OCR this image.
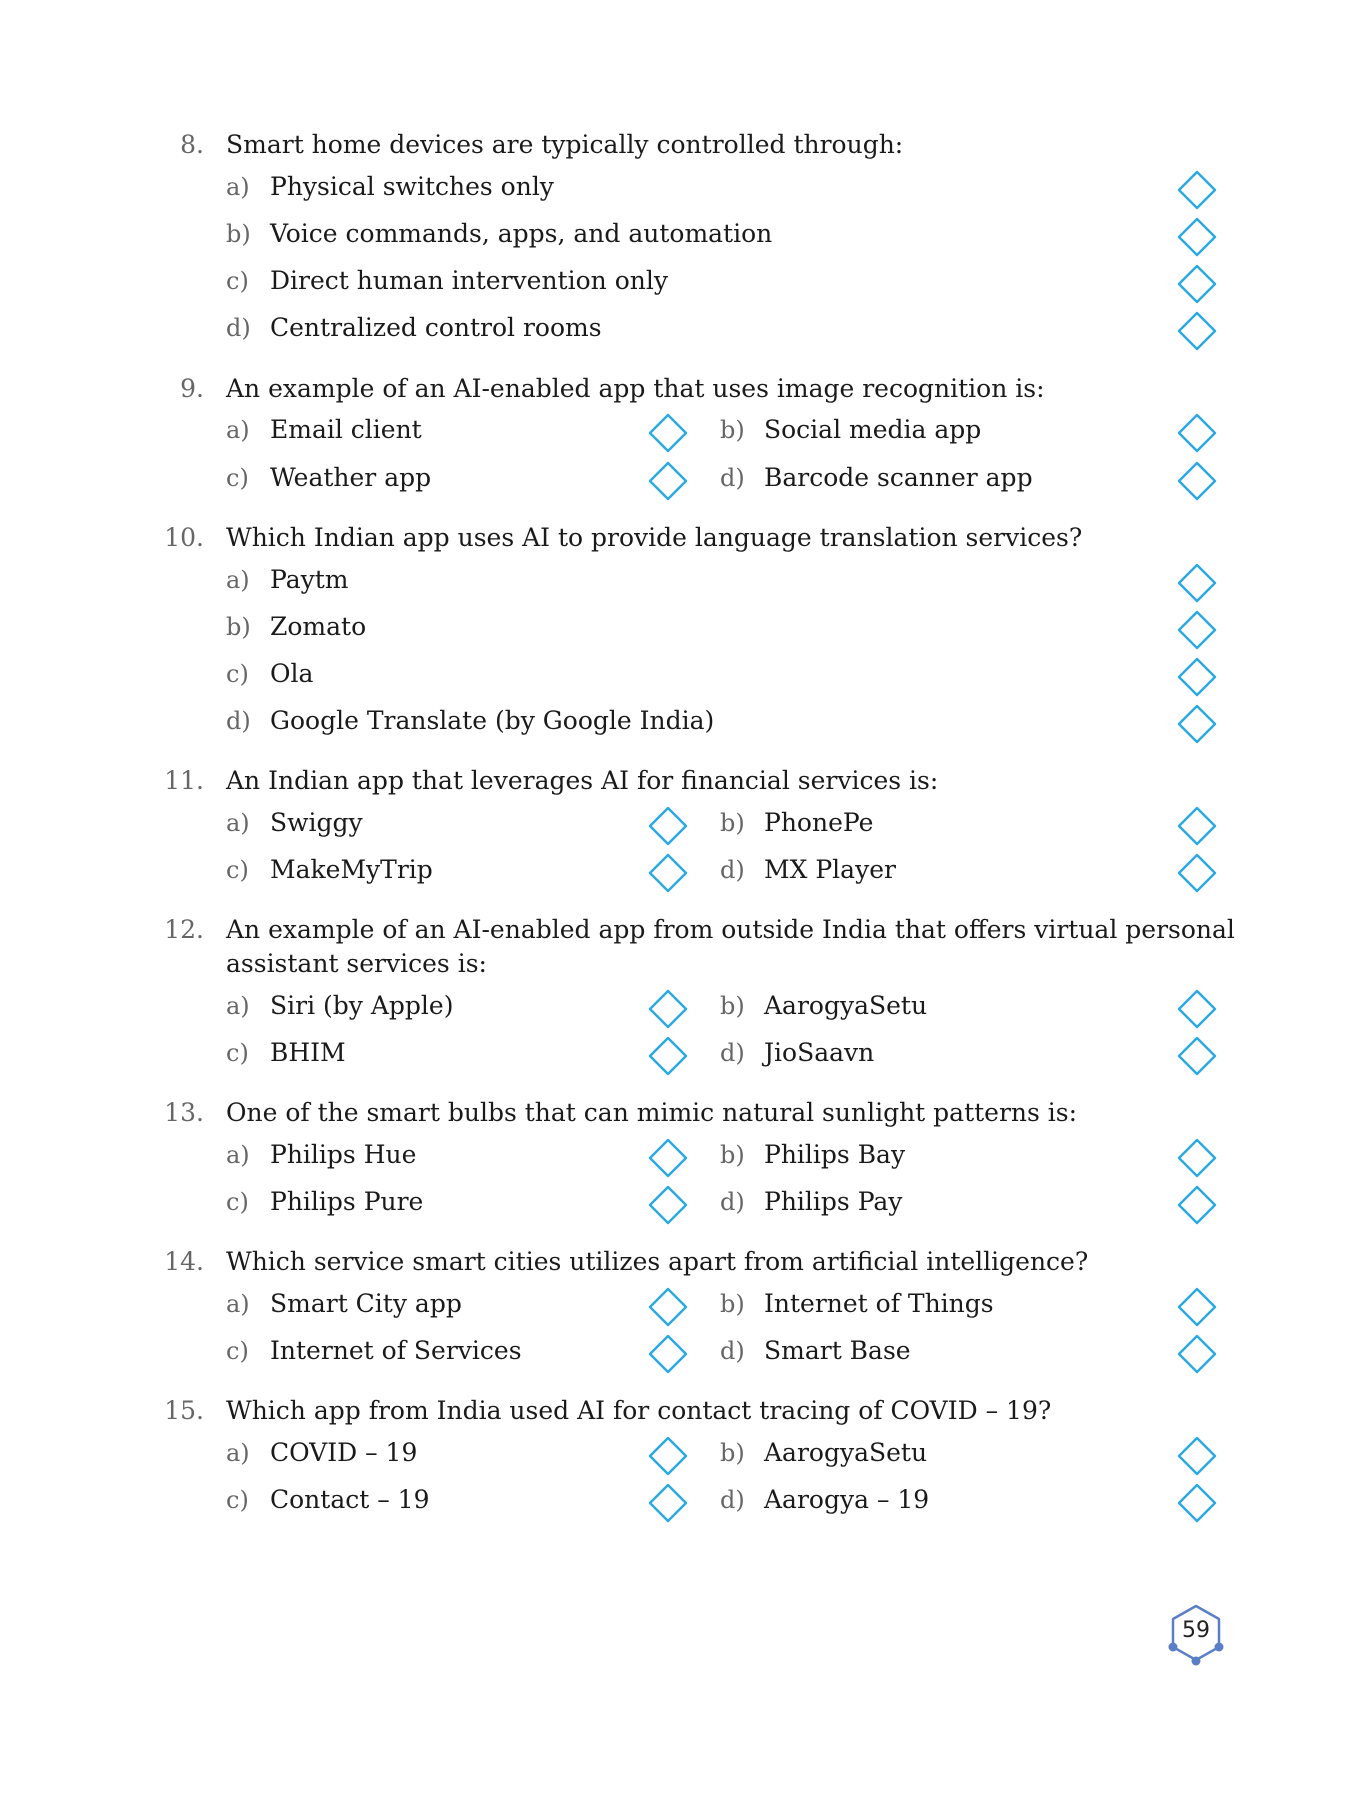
8. Smart home devices are typically controlled through:
a) Physical switches only
b) Voice commands, apps, and automation
c) Direct human intervention only
d) Centralized control rooms
9. An example of an AI-enabled app that uses image recognition is:
a) Email client	b) Social media app
c) Weather app	d) Barcode scanner app
10. Which Indian app uses AI to provide language translation services?
a) Paytm
b) Zomato
c) Ola
d) Google Translate (by Google India)
11. An Indian app that leverages AI for financial services is:
a) Swiggy	b) PhonePe
c) MakeMyTrip	d) MX Player
12. An example of an AI-enabled app from outside India that offers virtual personal
assistant services is:
a) Siri (by Apple)	b) AarogyaSetu
c) BHIM	d) JioSaavn
13. One of the smart bulbs that can mimic natural sunlight patterns is:
a) Philips Hue	b) Philips Bay
c) Philips Pure	d) Philips Pay
14. Which service smart cities utilizes apart from artificial intelligence?
a) Smart City app	b) Internet of Things
c) Internet of Services	d) Smart Base
15. Which app from India used AI for contact tracing of COVID – 19?
a) COVID – 19	b) AarogyaSetu
c) Contact – 19	d) Aarogya – 19
59
